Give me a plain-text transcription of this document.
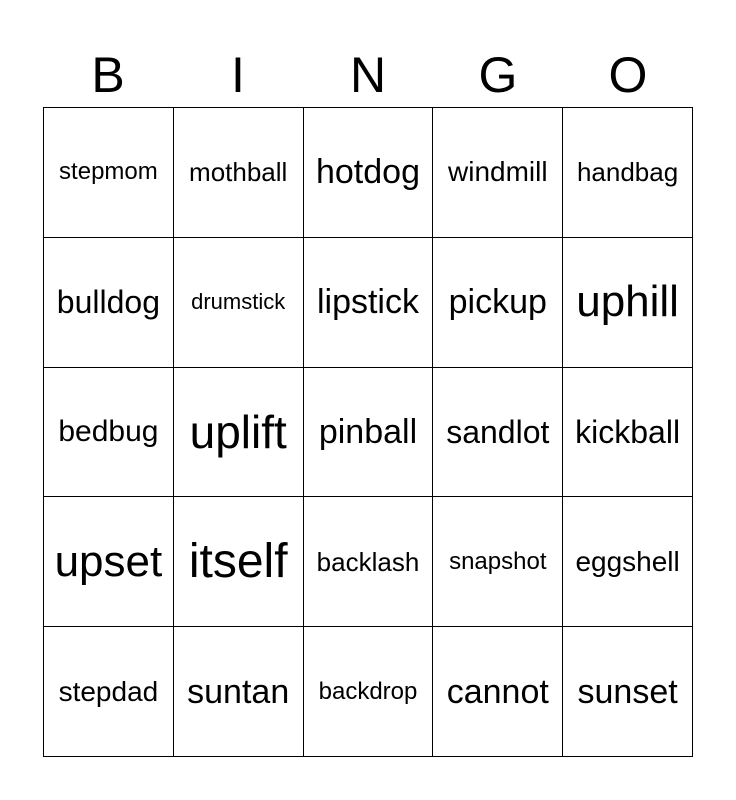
B	I	N	G	O
stepmom mothball hotdog windmill handbag
bulldog drumstick lipstick pickup uphill
bedbug uplift pinball sandlot kickball
upset itself backlash snapshot eggshell
stepdad suntan backdrop cannot sunset
